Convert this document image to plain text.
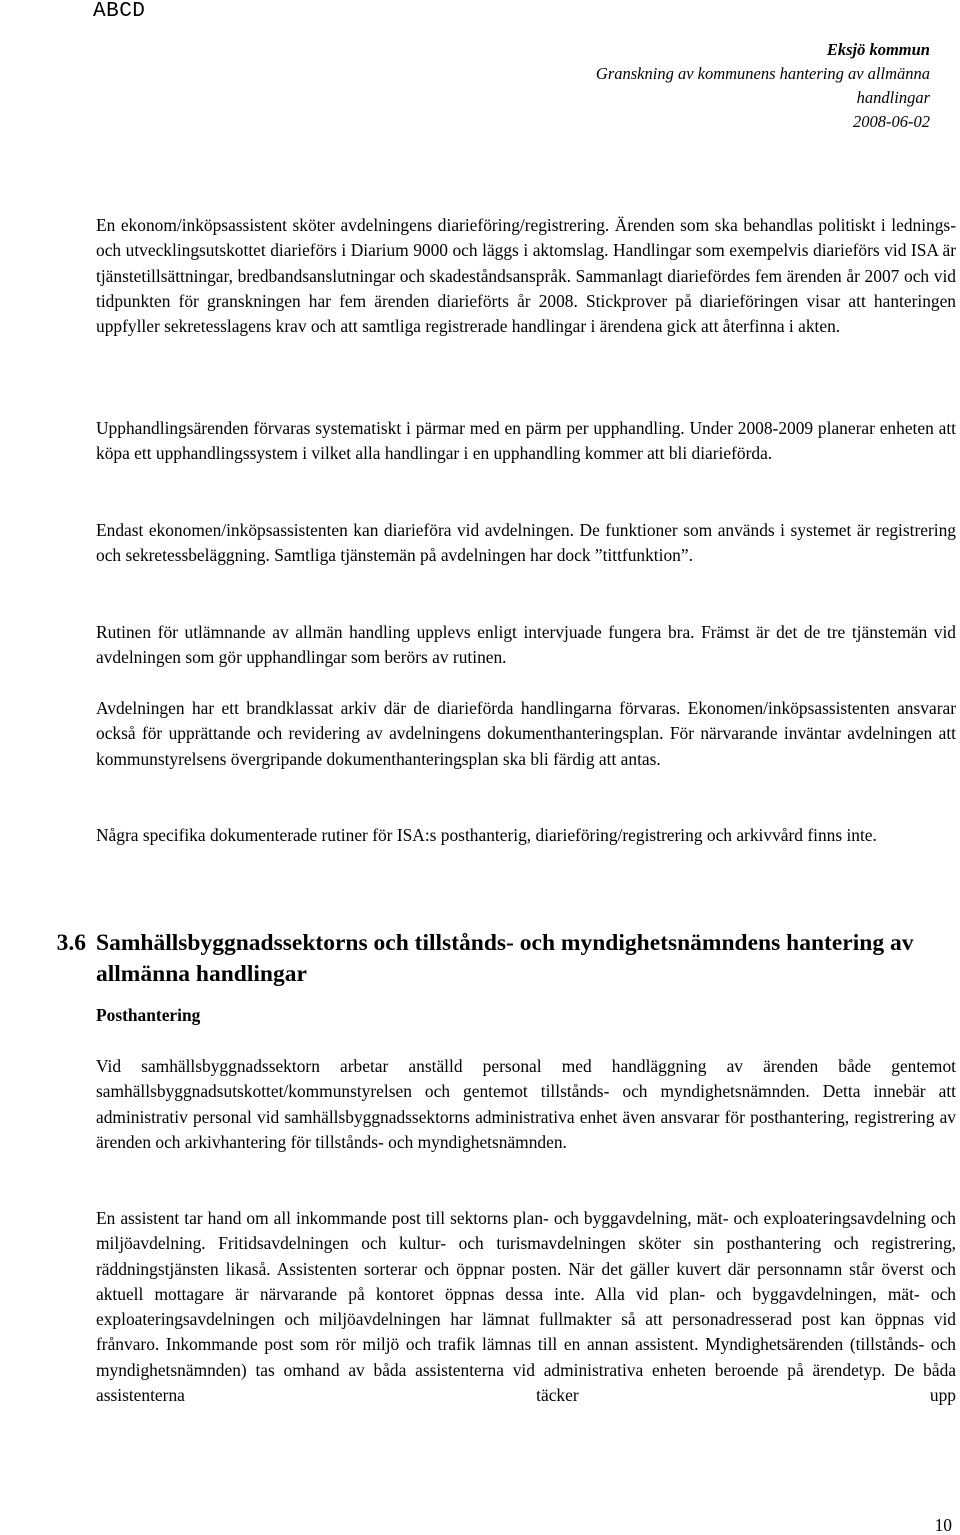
ABCD
Eksjö kommun
Granskning av kommunens hantering av allmänna
handlingar
2008-06-02

En ekonom/inköpsassistent sköter avdelningens diarieföring/registrering. Ärenden som ska behandlas politiskt i lednings- och utvecklingsutskottet diarieförs i Diarium 9000 och läggs i aktomslag. Handlingar som exempelvis diarieförs vid ISA är tjänstetillsättningar, bredbandsanslutningar och skadeståndsanspråk. Sammanlagt diariefördes fem ärenden år 2007 och vid tidpunkten för granskningen har fem ärenden diarieförts år 2008. Stickprover på diarieföringen visar att hanteringen uppfyller sekretesslagens krav och att samtliga registrerade handlingar i ärendena gick att återfinna i akten.

Upphandlingsärenden förvaras systematiskt i pärmar med en pärm per upphandling. Under 2008-2009 planerar enheten att köpa ett upphandlingssystem i vilket alla handlingar i en upphandling kommer att bli diarieförda.

Endast ekonomen/inköpsassistenten kan diarieföra vid avdelningen. De funktioner som används i systemet är registrering och sekretessbeläggning. Samtliga tjänstemän på avdelningen har dock ”tittfunktion”.

Rutinen för utlämnande av allmän handling upplevs enligt intervjuade fungera bra. Främst är det de tre tjänstemän vid avdelningen som gör upphandlingar som berörs av rutinen.

Avdelningen har ett brandklassat arkiv där de diarieförda handlingarna förvaras. Ekonomen/inköpsassistenten ansvarar också för upprättande och revidering av avdelningens dokumenthanteringsplan. För närvarande inväntar avdelningen att kommunstyrelsens övergripande dokumenthanteringsplan ska bli färdig att antas.

Några specifika dokumenterade rutiner för ISA:s posthanterig, diarieföring/registrering och arkivvård finns inte.

3.6 Samhällsbyggnadssektorns och tillstånds- och myndighetsnämndens hantering av allmänna handlingar
Posthantering

Vid samhällsbyggnadssektorn arbetar anställd personal med handläggning av ärenden både gentemot samhällsbyggnadsutskottet/kommunstyrelsen och gentemot tillstånds- och myndighetsnämnden. Detta innebär att administrativ personal vid samhällsbyggnadssektorns administrativa enhet även ansvarar för posthantering, registrering av ärenden och arkivhantering för tillstånds- och myndighetsnämnden.

En assistent tar hand om all inkommande post till sektorns plan- och byggavdelning, mät- och exploateringsavdelning och miljöavdelning. Fritidsavdelningen och kultur- och turismavdelningen sköter sin posthantering och registrering, räddningstjänsten likaså. Assistenten sorterar och öppnar posten. När det gäller kuvert där personnamn står överst och aktuell mottagare är närvarande på kontoret öppnas dessa inte. Alla vid plan- och byggavdelningen, mät- och exploateringsavdelningen och miljöavdelningen har lämnat fullmakter så att personadresserad post kan öppnas vid frånvaro. Inkommande post som rör miljö och trafik lämnas till en annan assistent. Myndighetsärenden (tillstånds- och myndighetsnämnden) tas omhand av båda assistenterna vid administrativa enheten beroende på ärendetyp. De båda assistenterna täcker upp

10
